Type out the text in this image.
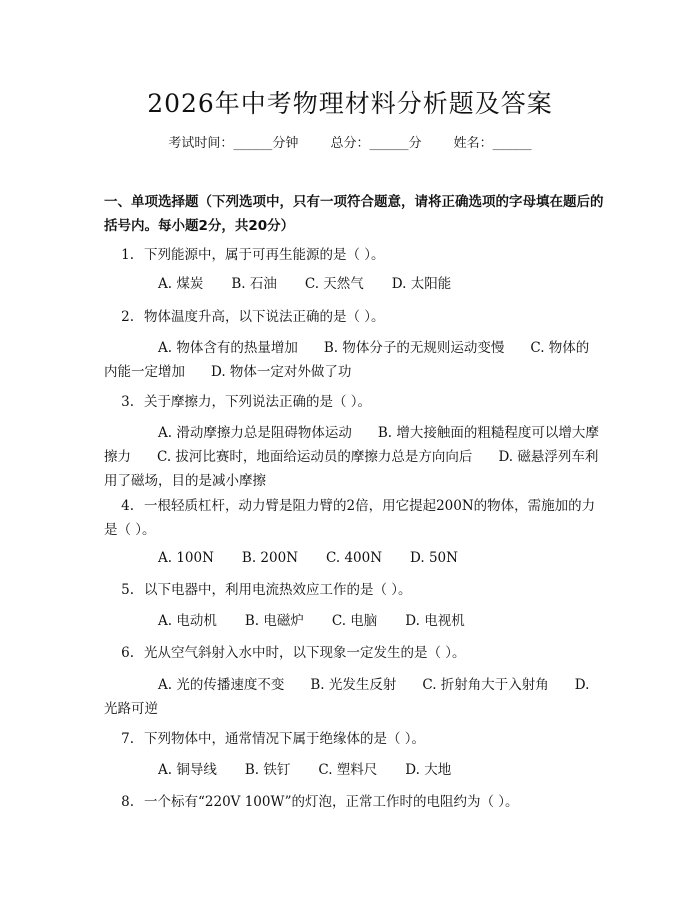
2026年中考物理材料分析题及答案
考试时间：______分钟 总分：______分 姓名：______
一、单项选择题（下列选项中，只有一项符合题意，请将正确选项的字母填在题后的括号内。每小题2分，共20分）
1. 下列能源中，属于可再生能源的是（ ）。
A. 煤炭 B. 石油 C. 天然气 D. 太阳能
2. 物体温度升高，以下说法正确的是（ ）。
A. 物体含有的热量增加 B. 物体分子的无规则运动变慢 C. 物体的内能一定增加 D. 物体一定对外做了功
3. 关于摩擦力，下列说法正确的是（ ）。
A. 滑动摩擦力总是阻碍物体运动 B. 增大接触面的粗糙程度可以增大摩擦力 C. 拔河比赛时，地面给运动员的摩擦力总是方向向后 D. 磁悬浮列车利用了磁场，目的是减小摩擦
4. 一根轻质杠杆，动力臂是阻力臂的2倍，用它提起200N的物体，需施加的力是（ ）。
A. 100N B. 200N C. 400N D. 50N
5. 以下电器中，利用电流热效应工作的是（ ）。
A. 电动机 B. 电磁炉 C. 电脑 D. 电视机
6. 光从空气斜射入水中时，以下现象一定发生的是（ ）。
A. 光的传播速度不变 B. 光发生反射 C. 折射角大于入射角 D. 光路可逆
7. 下列物体中，通常情况下属于绝缘体的是（ ）。
A. 铜导线 B. 铁钉 C. 塑料尺 D. 大地
8. 一个标有“220V 100W”的灯泡，正常工作时的电阻约为（ ）。
